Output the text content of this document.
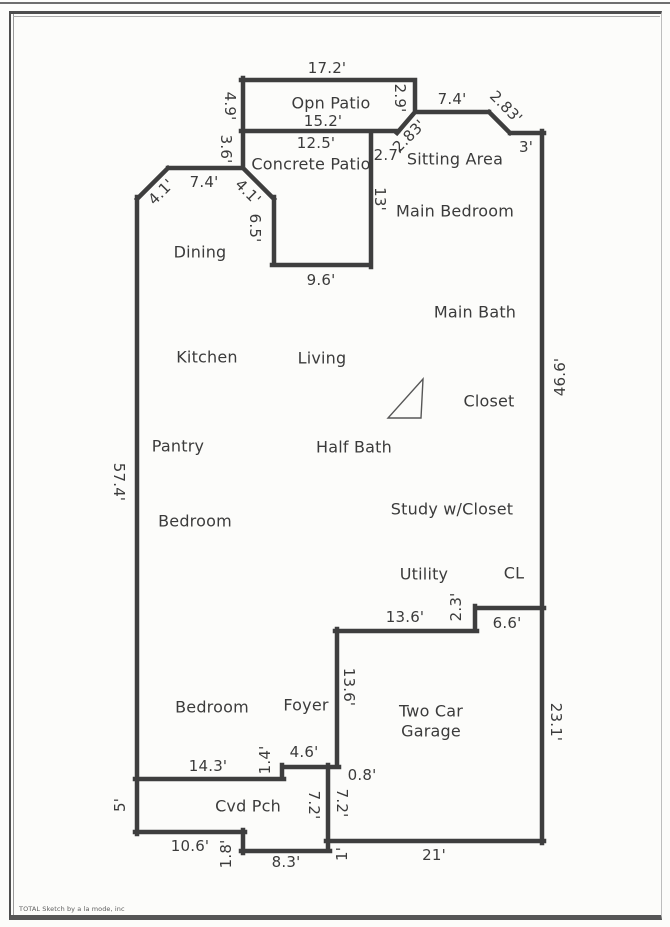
Opn Patio
Concrete Patio Sitting Area
Main Bedroom
Dining
Main Bath
Kitchen	Living
Closet
Pantry	Half Bath
Bedroom
Study w/Closet
Utility	CL
Bedroom Foyer	Two Car Garage
Cvd Pch
17.2'
4.9'
15.2'
2.9' 7.4' 2.83'
2.83'	3'
2.7'
12.5'
3.6'
7.4'
4.1'	4.1'
6.5'
13'
9.6'
57.4'
46.6'
6.6'
2.3'
13.6'
13.6'
23.1'
14.3' 1.4' 4.6'
0.8'
7.2' 7.2'
5'
10.6' 1.8' 8.3' 1'	21'
TOTAL Sketch by a la mode, inc
